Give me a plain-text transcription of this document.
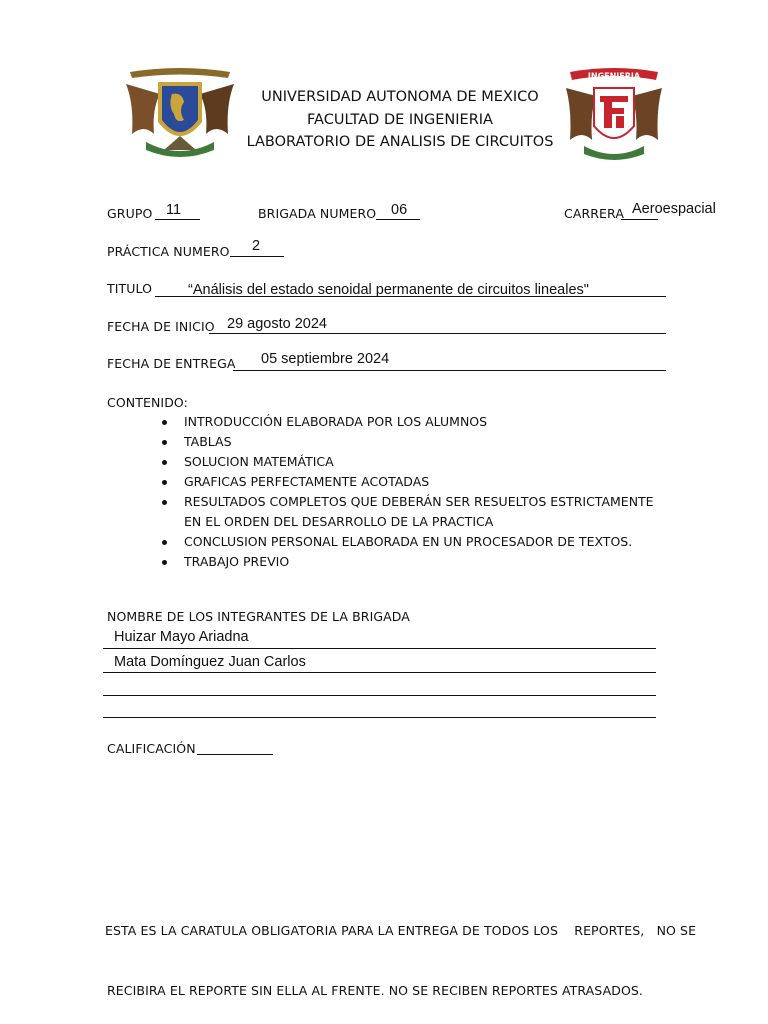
UNIVERSIDAD AUTONOMA DE MEXICO
FACULTAD DE INGENIERIA
LABORATORIO DE ANALISIS DE CIRCUITOS
INGENIERIA
GRUPO 11	BRIGADA NUMERO 06	CARRERA Aeroespacial
PRÁCTICA NUMERO 2
TITULO “Análisis del estado senoidal permanente de circuitos lineales"
FECHA DE INICIO 29 agosto 2024
FECHA DE ENTREGA 05 septiembre 2024
CONTENIDO:
INTRODUCCIÓN ELABORADA POR LOS ALUMNOS
TABLAS
SOLUCION MATEMÁTICA
GRAFICAS PERFECTAMENTE ACOTADAS
RESULTADOS COMPLETOS QUE DEBERÁN SER RESUELTOS ESTRICTAMENTE
EN EL ORDEN DEL DESARROLLO DE LA PRACTICA
CONCLUSION PERSONAL ELABORADA EN UN PROCESADOR DE TEXTOS.
TRABAJO PREVIO
NOMBRE DE LOS INTEGRANTES DE LA BRIGADA
Huizar Mayo Ariadna
Mata Domínguez Juan Carlos
CALIFICACIÓN

ESTA ES LA CARATULA OBLIGATORIA PARA LA ENTREGA DE TODOS LOS    REPORTES,   NO SE

RECIBIRA EL REPORTE SIN ELLA AL FRENTE. NO SE RECIBEN REPORTES ATRASADOS.
